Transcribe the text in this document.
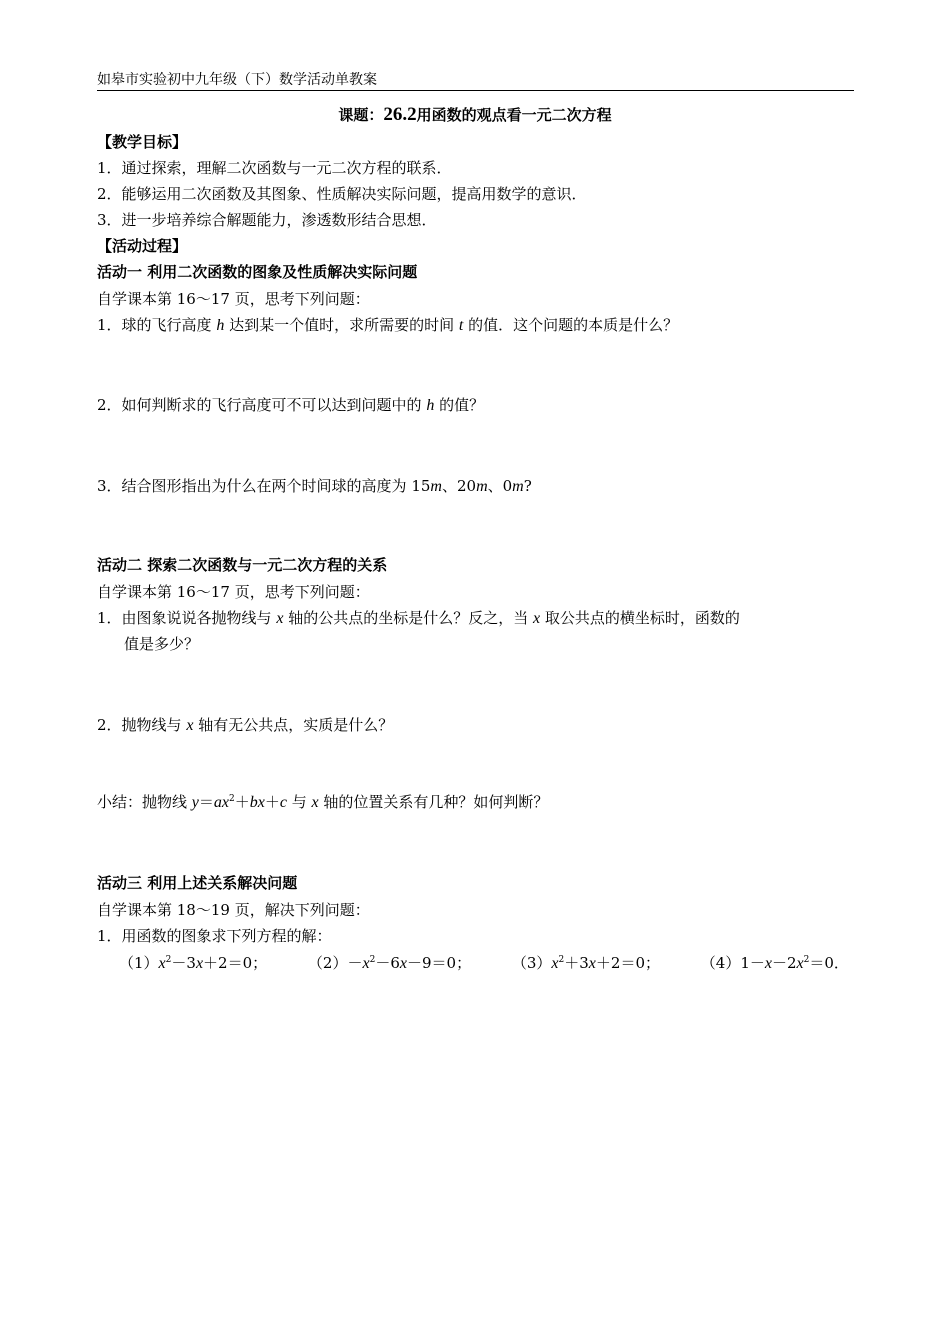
如皋市实验初中九年级（下）数学活动单教案
课题：26.2用函数的观点看一元二次方程
【教学目标】
1．通过探索，理解二次函数与一元二次方程的联系．
2．能够运用二次函数及其图象、性质解决实际问题，提高用数学的意识．
3．进一步培养综合解题能力，渗透数形结合思想．
【活动过程】
活动一 利用二次函数的图象及性质解决实际问题
自学课本第 16～17 页，思考下列问题：
1．球的飞行高度 h 达到某一个值时，求所需要的时间 t 的值．这个问题的本质是什么？
2．如何判断求的飞行高度可不可以达到问题中的 h 的值？
3．结合图形指出为什么在两个时间球的高度为 15m、20m、0m?
活动二 探索二次函数与一元二次方程的关系
自学课本第 16～17 页，思考下列问题：
1．由图象说说各抛物线与 x 轴的公共点的坐标是什么？反之，当 x 取公共点的横坐标时，函数的
值是多少？
2．抛物线与 x 轴有无公共点，实质是什么？
小结：抛物线 $y=ax^2+bx+c$ 与 x 轴的位置关系有几种？如何判断？
活动三 利用上述关系解决问题
自学课本第 18～19 页，解决下列问题：
1．用函数的图象求下列方程的解：
$(1)x^2-3x+2=0$；	$(2)-x^2-6x-9=0$；	$(3)x^2+3x+2=0$；	$(4)1-x-2x^2=0$．
